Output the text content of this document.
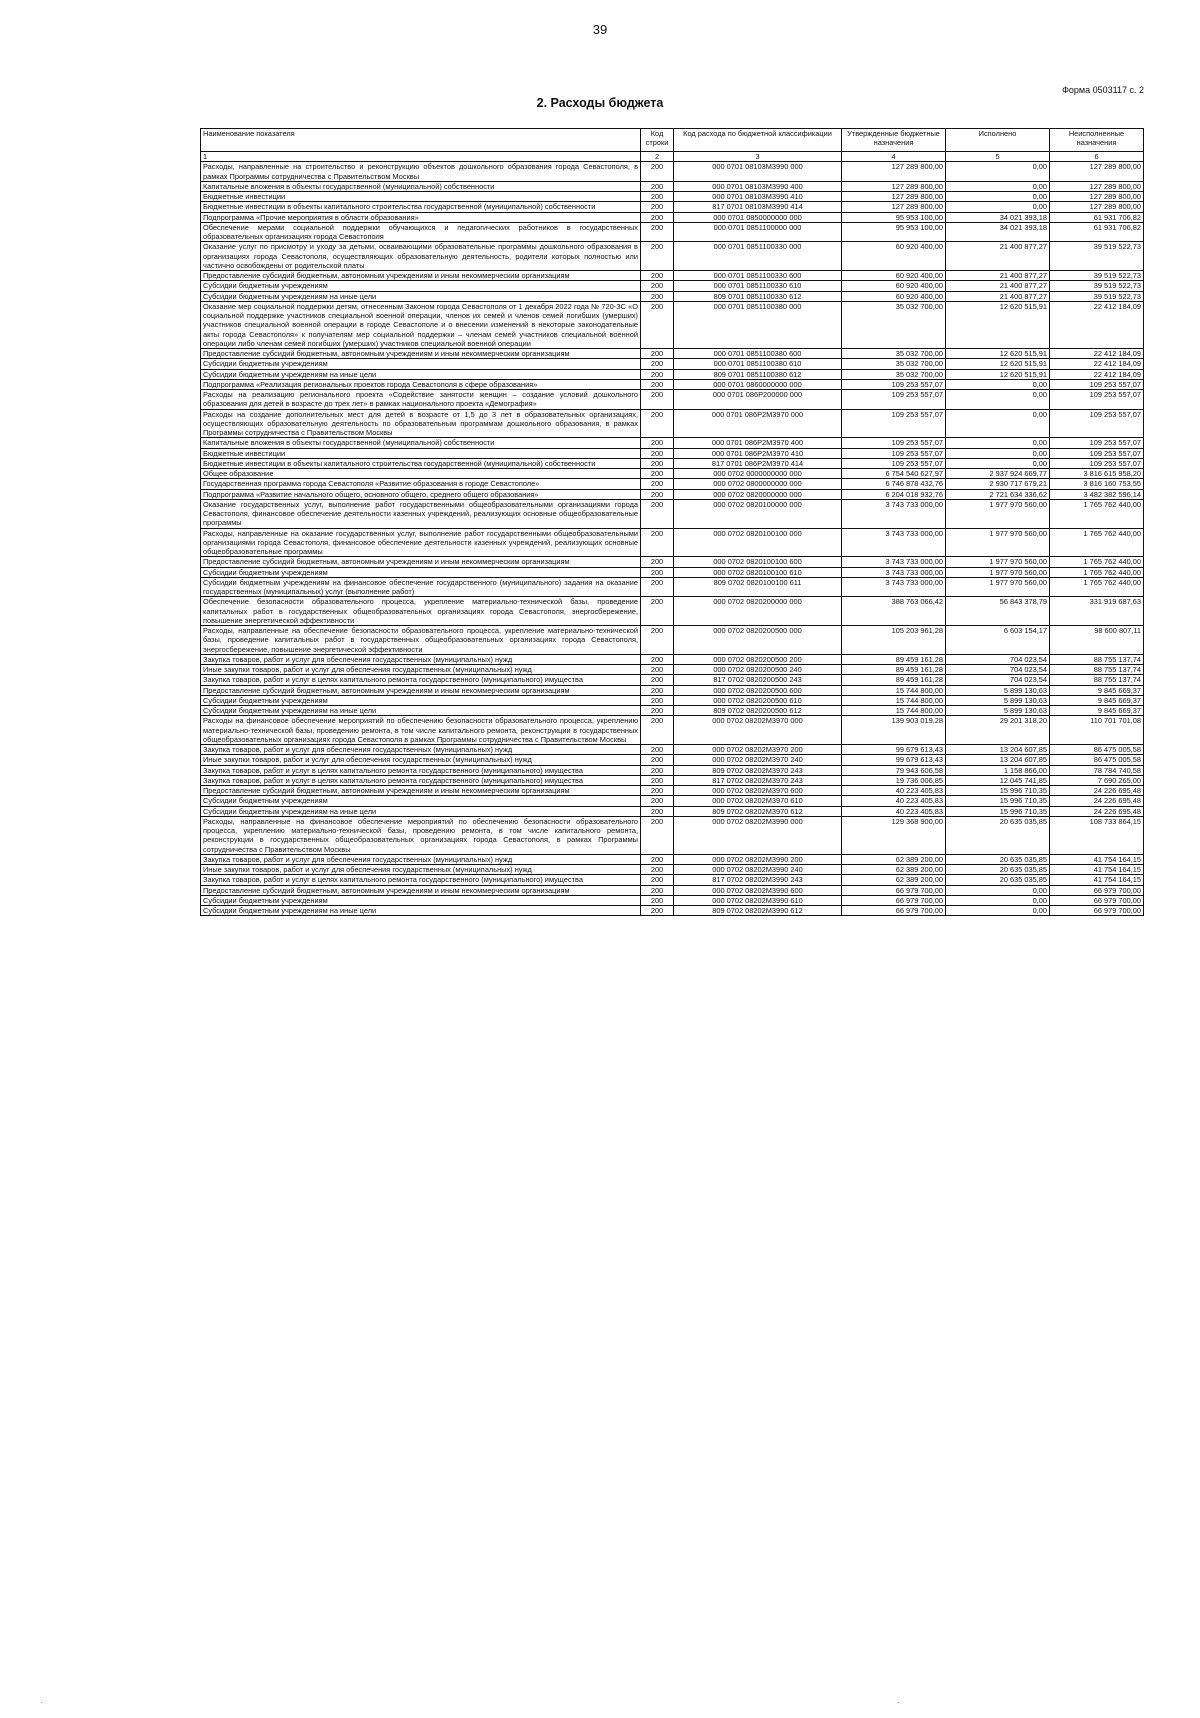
39
Форма 0503117 с. 2
2. Расходы бюджета
Наименование показателя	Код строки	Код расхода по бюджетной классификации	Утвержденные бюджетные назначения	Исполнено	Неисполненные назначения
1	2	3	4	5	6
Расходы, направленные на строительство и реконструкцию объектов дошкольного образования города Севастополя, в рамках Программы сотрудничества с Правительством Москвы	200	000 0701 08103M3990 000	127 289 800,00	0,00	127 289 800,00
Капитальные вложения в объекты государственной (муниципальной) собственности	200	000 0701 08103M3990 400	127 289 800,00	0,00	127 289 800,00
Бюджетные инвестиции	200	000 0701 08103M3990 410	127 289 800,00	0,00	127 289 800,00
Бюджетные инвестиции в объекты капитального строительства государственной (муниципальной) собственности	200	817 0701 08103M3990 414	127 289 800,00	0,00	127 289 800,00
Подпрограмма «Прочие мероприятия в области образования»	200	000 0701 0850000000 000	95 953 100,00	34 021 393,18	61 931 706,82
Обеспечение мерами социальной поддержки обучающихся и педагогических работников в государственных образовательных организациях города Севастополя	200	000 0701 0851100000 000	95 953 100,00	34 021 393,18	61 931 706,82
Оказание услуг по присмотру и уходу за детьми, осваивающими образовательные программы дошкольного образования в организациях города Севастополя, осуществляющих образовательную деятельность, родители которых полностью или частично освобождены от родительской платы	200	000 0701 0851100330 000	60 920 400,00	21 400 877,27	39 519 522,73
Предоставление субсидий бюджетным, автономным учреждениям и иным некоммерческим организациям	200	000 0701 0851100330 600	60 920 400,00	21 400 877,27	39 519 522,73
Субсидии бюджетным учреждениям	200	000 0701 0851100330 610	60 920 400,00	21 400 877,27	39 519 522,73
Субсидии бюджетным учреждениям на иные цели	200	809 0701 0851100330 612	60 920 400,00	21 400 877,27	39 519 522,73
Оказание мер социальной поддержки детям, отнесенным Законом города Севастополя от 1 декабря 2022 года № 720-ЗС «О социальной поддержке участников специальной военной операции, членов их семей и членов семей погибших (умерших) участников специальной военной операции в городе Севастополе и о внесении изменений в некоторые законодательные акты города Севастополя» к получателям мер социальной поддержки – членам семей участников специальной военной операции либо членам семей погибших (умерших) участников специальной военной операции	200	000 0701 0851100380 000	35 032 700,00	12 620 515,91	22 412 184,09
Предоставление субсидий бюджетным, автономным учреждениям и иным некоммерческим организациям	200	000 0701 0851100380 600	35 032 700,00	12 620 515,91	22 412 184,09
Субсидии бюджетным учреждениям	200	000 0701 0851100380 610	35 032 700,00	12 620 515,91	22 412 184,09
Субсидии бюджетным учреждениям на иные цели	200	809 0701 0851100380 612	35 032 700,00	12 620 515,91	22 412 184,09
Подпрограмма «Реализация региональных проектов города Севастополя в сфере образования»	200	000 0701 0860000000 000	109 253 557,07	0,00	109 253 557,07
Расходы на реализацию регионального проекта «Содействие занятости женщин – создание условий дошкольного образования для детей в возрасте до трех лет» в рамках национального проекта «Демография»	200	000 0701 086P200000 000	109 253 557,07	0,00	109 253 557,07
Расходы на создание дополнительных мест для детей в возрасте от 1,5 до 3 лет в образовательных организациях, осуществляющих образовательную деятельность по образовательным программам дошкольного образования, в рамках Программы сотрудничества с Правительством Москвы	200	000 0701 086P2M3970 000	109 253 557,07	0,00	109 253 557,07
Капитальные вложения в объекты государственной (муниципальной) собственности	200	000 0701 086P2M3970 400	109 253 557,07	0,00	109 253 557,07
Бюджетные инвестиции	200	000 0701 086P2M3970 410	109 253 557,07	0,00	109 253 557,07
Бюджетные инвестиции в объекты капитального строительства государственной (муниципальной) собственности	200	817 0701 086P2M3970 414	109 253 557,07	0,00	109 253 557,07
Общее образование	200	000 0702 0000000000 000	6 754 540 627,97	2 937 924 669,77	3 816 615 958,20
Государственная программа города Севастополя «Развитие образования в городе Севастополе»	200	000 0702 0800000000 000	6 746 878 432,76	2 930 717 679,21	3 816 160 753,55
Подпрограмма «Развитие начального общего, основного общего, среднего общего образования»	200	000 0702 0820000000 000	6 204 018 932,76	2 721 634 336,62	3 482 382 596,14
Оказание государственных услуг, выполнение работ государственными общеобразовательными организациями города Севастополя, финансовое обеспечение деятельности казенных учреждений, реализующих основные общеобразовательные программы	200	000 0702 0820100000 000	3 743 733 000,00	1 977 970 560,00	1 765 762 440,00
Расходы, направленные на оказание государственных услуг, выполнение работ государственными общеобразовательными организациями города Севастополя, финансовое обеспечение деятельности казенных учреждений, реализующих основные общеобразовательные программы	200	000 0702 0820100100 000	3 743 733 000,00	1 977 970 560,00	1 765 762 440,00
Предоставление субсидий бюджетным, автономным учреждениям и иным некоммерческим организациям	200	000 0702 0820100100 600	3 743 733 000,00	1 977 970 560,00	1 765 762 440,00
Субсидии бюджетным учреждениям	200	000 0702 0820100100 610	3 743 733 000,00	1 977 970 560,00	1 765 762 440,00
Субсидии бюджетным учреждениям на финансовое обеспечение государственного (муниципального) задания на оказание государственных (муниципальных) услуг (выполнение работ)	200	809 0702 0820100100 611	3 743 733 000,00	1 977 970 560,00	1 765 762 440,00
Обеспечение безопасности образовательного процесса, укрепление материально-технической базы, проведение капитальных работ в государственных общеобразовательных организациях города Севастополя, энергосбережение, повышение энергетической эффективности	200	000 0702 0820200000 000	388 763 066,42	56 843 378,79	331 919 687,63
Расходы, направленные на обеспечение безопасности образовательного процесса, укрепление материально-технической базы, проведение капитальных работ в государственных общеобразовательных организациях города Севастополя, энергосбережение, повышение энергетической эффективности	200	000 0702 0820200500 000	105 203 961,28	6 603 154,17	98 600 807,11
Закупка товаров, работ и услуг для обеспечения государственных (муниципальных) нужд	200	000 0702 0820200500 200	89 459 161,28	704 023,54	88 755 137,74
Иные закупки товаров, работ и услуг для обеспечения государственных (муниципальных) нужд	200	000 0702 0820200500 240	89 459 161,28	704 023,54	88 755 137,74
Закупка товаров, работ и услуг в целях капитального ремонта государственного (муниципального) имущества	200	817 0702 0820200500 243	89 459 161,28	704 023,54	88 755 137,74
Предоставление субсидий бюджетным, автономным учреждениям и иным некоммерческим организациям	200	000 0702 0820200500 600	15 744 800,00	5 899 130,63	9 845 669,37
Субсидии бюджетным учреждениям	200	000 0702 0820200500 610	15 744 800,00	5 899 130,63	9 845 669,37
Субсидии бюджетным учреждениям на иные цели	200	809 0702 0820200500 612	15 744 800,00	5 899 130,63	9 845 669,37
Расходы на финансовое обеспечение мероприятий по обеспечению безопасности образовательного процесса, укреплению материально-технической базы, проведению ремонта, в том числе капитального ремонта, реконструкции в государственных общеобразовательных организациях города Севастополя в рамках Программы сотрудничества с Правительством Москвы	200	000 0702 08202M3970 000	139 903 019,28	29 201 318,20	110 701 701,08
Закупка товаров, работ и услуг для обеспечения государственных (муниципальных) нужд	200	000 0702 08202M3970 200	99 679 613,43	13 204 607,85	86 475 005,58
Иные закупки товаров, работ и услуг для обеспечения государственных (муниципальных) нужд	200	000 0702 08202M3970 240	99 679 613,43	13 204 607,85	86 475 005,58
Закупка товаров, работ и услуг в целях капитального ремонта государственного (муниципального) имущества	200	809 0702 08202M3970 243	79 943 606,58	1 158 866,00	78 784 740,58
Закупка товаров, работ и услуг в целях капитального ремонта государственного (муниципального) имущества	200	817 0702 08202M3970 243	19 736 006,85	12 045 741,85	7 690 265,00
Предоставление субсидий бюджетным, автономным учреждениям и иным некоммерческим организациям	200	000 0702 08202M3970 600	40 223 405,83	15 996 710,35	24 226 695,48
Субсидии бюджетным учреждениям	200	000 0702 08202M3970 610	40 223 405,83	15 996 710,35	24 226 695,48
Субсидии бюджетным учреждениям на иные цели	200	809 0702 08202M3970 612	40 223 405,83	15 996 710,35	24 226 695,48
Расходы, направленные на финансовое обеспечение мероприятий по обеспечению безопасности образовательного процесса, укреплению материально-технической базы, проведению ремонта, в том числе капитального ремонта, реконструкции в государственных общеобразовательных организациях города Севастополя, в рамках Программы сотрудничества с Правительством Москвы	200	000 0702 08202M3990 000	129 368 900,00	20 635 035,85	108 733 864,15
Закупка товаров, работ и услуг для обеспечения государственных (муниципальных) нужд	200	000 0702 08202M3990 200	62 389 200,00	20 635 035,85	41 754 164,15
Иные закупки товаров, работ и услуг для обеспечения государственных (муниципальных) нужд	200	000 0702 08202M3990 240	62 389 200,00	20 635 035,85	41 754 164,15
Закупка товаров, работ и услуг в целях капитального ремонта государственного (муниципального) имущества	200	817 0702 08202M3990 243	62 389 200,00	20 635 035,85	41 754 164,15
Предоставление субсидий бюджетным, автономным учреждениям и иным некоммерческим организациям	200	000 0702 08202M3990 600	66 979 700,00	0,00	66 979 700,00
Субсидии бюджетным учреждениям	200	000 0702 08202M3990 610	66 979 700,00	0,00	66 979 700,00
Субсидии бюджетным учреждениям на иные цели	200	809 0702 08202M3990 612	66 979 700,00	0,00	66 979 700,00
·	·
